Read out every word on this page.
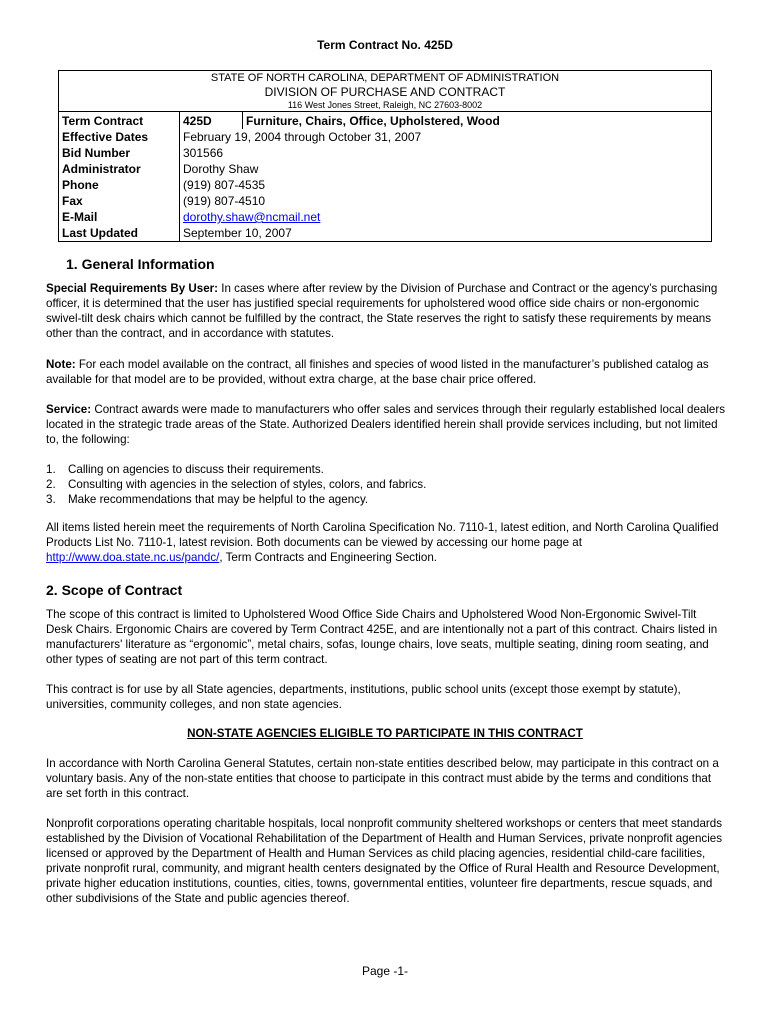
Term Contract No. 425D
STATE OF NORTH CAROLINA, DEPARTMENT OF ADMINISTRATION
DIVISION OF PURCHASE AND CONTRACT
116 West Jones Street, Raleigh, NC 27603-8002		

Term Contract	425D	Furniture, Chairs, Office, Upholstered, Wood
Effective Dates	February 19, 2004 through October 31, 2007	
Bid Number	301566	
Administrator	Dorothy Shaw	
Phone	(919) 807-4535	
Fax	(919) 807-4510	
E-Mail	dorothy.shaw@ncmail.net	
Last Updated	September 10, 2007	
1. General Information
Special Requirements By User: In cases where after review by the Division of Purchase and Contract or the agency’s purchasing officer, it is determined that the user has justified special requirements for upholstered wood office side chairs or non-ergonomic swivel-tilt desk chairs which cannot be fulfilled by the contract, the State reserves the right to satisfy these requirements by means other than the contract, and in accordance with statutes.
Note: For each model available on the contract, all finishes and species of wood listed in the manufacturer’s published catalog as available for that model are to be provided, without extra charge, at the base chair price offered.
Service: Contract awards were made to manufacturers who offer sales and services through their regularly established local dealers located in the strategic trade areas of the State. Authorized Dealers identified herein shall provide services including, but not limited to, the following:
1.	Calling on agencies to discuss their requirements.
2.	Consulting with agencies in the selection of styles, colors, and fabrics.
3.	Make recommendations that may be helpful to the agency.
All items listed herein meet the requirements of North Carolina Specification No. 7110-1, latest edition, and North Carolina Qualified Products List No. 7110-1, latest revision. Both documents can be viewed by accessing our home page at http://www.doa.state.nc.us/pandc/, Term Contracts and Engineering Section.
2. Scope of Contract
The scope of this contract is limited to Upholstered Wood Office Side Chairs and Upholstered Wood Non-Ergonomic Swivel-Tilt Desk Chairs. Ergonomic Chairs are covered by Term Contract 425E, and are intentionally not a part of this contract. Chairs listed in manufacturers' literature as “ergonomic”, metal chairs, sofas, lounge chairs, love seats, multiple seating, dining room seating, and other types of seating are not part of this term contract.
This contract is for use by all State agencies, departments, institutions, public school units (except those exempt by statute), universities, community colleges, and non state agencies.
NON-STATE AGENCIES ELIGIBLE TO PARTICIPATE IN THIS CONTRACT
In accordance with North Carolina General Statutes, certain non-state entities described below, may participate in this contract on a voluntary basis. Any of the non-state entities that choose to participate in this contract must abide by the terms and conditions that are set forth in this contract.
Nonprofit corporations operating charitable hospitals, local nonprofit community sheltered workshops or centers that meet standards established by the Division of Vocational Rehabilitation of the Department of Health and Human Services, private nonprofit agencies licensed or approved by the Department of Health and Human Services as child placing agencies, residential child-care facilities, private nonprofit rural, community, and migrant health centers designated by the Office of Rural Health and Resource Development, private higher education institutions, counties, cities, towns, governmental entities, volunteer fire departments, rescue squads, and other subdivisions of the State and public agencies thereof.
Page -1-
